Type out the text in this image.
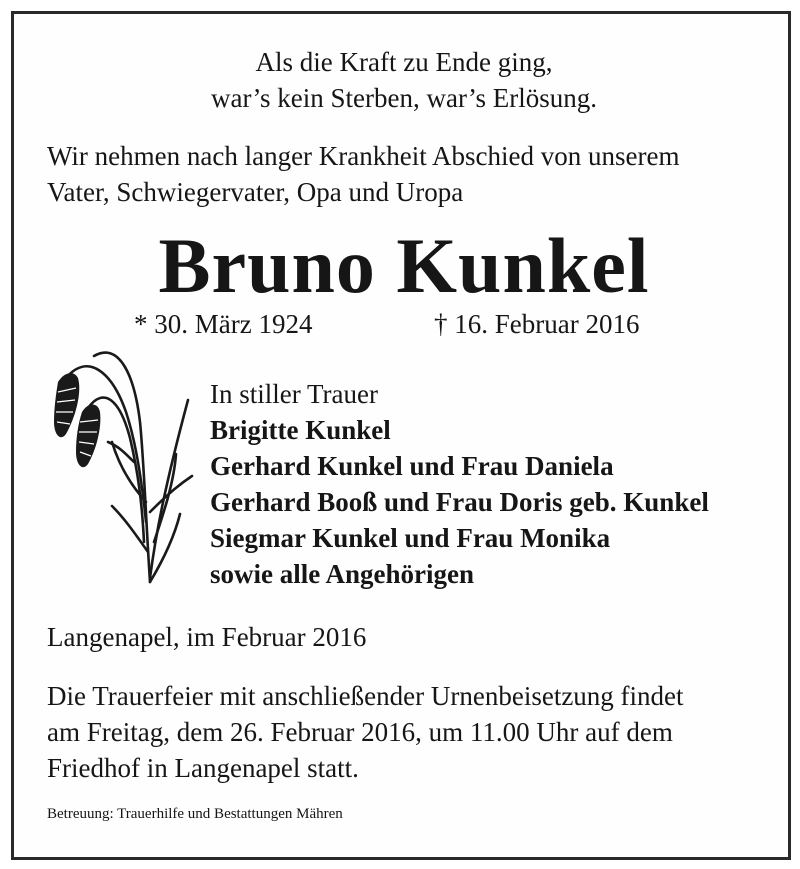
Als die Kraft zu Ende ging,
war’s kein Sterben, war’s Erlösung.
Wir nehmen nach langer Krankheit Abschied von unserem
Vater, Schwiegervater, Opa und Uropa
Bruno Kunkel
* 30. März 1924	† 16. Februar 2016
In stiller Trauer
Brigitte Kunkel
Gerhard Kunkel und Frau Daniela
Gerhard Booß und Frau Doris geb. Kunkel
Siegmar Kunkel und Frau Monika
sowie alle Angehörigen
Langenapel, im Februar 2016
Die Trauerfeier mit anschließender Urnenbeisetzung findet
am Freitag, dem 26. Februar 2016, um 11.00 Uhr auf dem
Friedhof in Langenapel statt.
Betreuung: Trauerhilfe und Bestattungen Mähren
